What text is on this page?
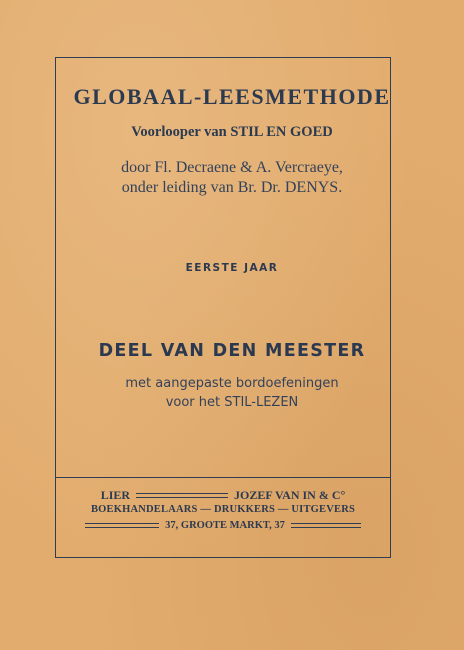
GLOBAAL-LEESMETHODE
Voorlooper van STIL EN GOED
door Fl. Decraene & A. Vercraeye,
onder leiding van Br. Dr. DENYS.
EERSTE JAAR
DEEL VAN DEN MEESTER
met aangepaste bordoefeningen
voor het STIL-LEZEN
LIER	JOZEF VAN IN & C°
BOEKHANDELAARS — DRUKKERS — UITGEVERS
37, GROOTE MARKT, 37
